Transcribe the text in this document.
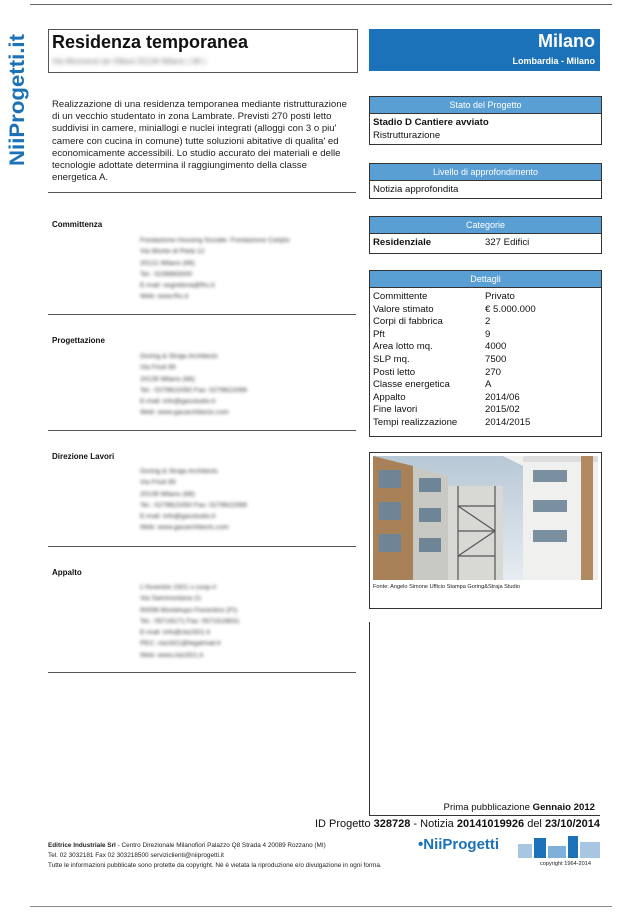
NiiProgetti.it Residenza temporanea
Via Monneret de Villard 20134 Milano ( MI )
Milano
Lombardia - Milano
Realizzazione di una residenza temporanea mediante ristrutturazione di un vecchio studentato in zona Lambrate. Previsti 270 posti letto suddivisi in camere, miniallogi e nuclei integrati (alloggi con 3 o piu' camere con cucina in comune) tutte soluzioni abitative di qualita' ed economicamente accessibili. Lo studio accurato dei materiali e delle tecnologie adottate determina il raggiungimento della classe energetica A.
Committenza
Fondazione Housing Sociale- Fondazione Cariplo
Via Monte di Pietà 12
20121 Milano (MI)
Tel.: 0236663000
E-mail: segreteria@fhs.it
Web: www.fhs.it
Progettazione
Goring & Straja Architects
Via Friuli 65
20135 Milano (MI)
Tel.: 0279622050 Fax: 0279622069
E-mail: info@gasstudio.it
Web: www.gasarchitects.com
Direzione Lavori
Goring & Straja Architects
Via Friuli 65
20135 Milano (MI)
Tel.: 0279622050 Fax: 0279622069
E-mail: info@gasstudio.it
Web: www.gasarchitects.com
Appalto
L'Avvenire 1921 s.coop.rl
Via Sammontana 21
50056 Montelupo Fiorentino (FI)
Tel.: 05719171 Fax: 0571519831
E-mail: info@cla1921.it
PEC: cla1921@legalmail.it
Web: www.cla1921.it
Stato del Progetto
Stadio D Cantiere avviato
Ristrutturazione
Livello di approfondimento
Notizia approfondita
Categorie
Residenziale	327 Edifici
Dettagli
Committente	Privato
Valore stimato	€ 5.000.000
Corpi di fabbrica	2
Pft	9
Area lotto mq.	4000
SLP mq.	7500
Posti letto	270
Classe energetica	A
Appalto	2014/06
Fine lavori	2015/02
Tempi realizzazione	2014/2015
Fonte: Angelo Simone Ufficio Stampa Goring&Straja Studio
Prima pubblicazione Gennaio 2012
ID Progetto 328728 - Notizia 20141019926 del 23/10/2014
Editrice Industriale Srl - Centro Direzionale Milanofiori Palazzo Q8 Strada 4 20089 Rozzano (MI)
Tel. 02 3032181 Fax 02 303218500 serviziclienti@niiprogetti.it
Tutte le informazioni pubblicate sono protette da copyright. Nè è vietata la riproduzione e/o divulgazione in ogni forma.
•NiiProgetti
copyright 1964-2014
